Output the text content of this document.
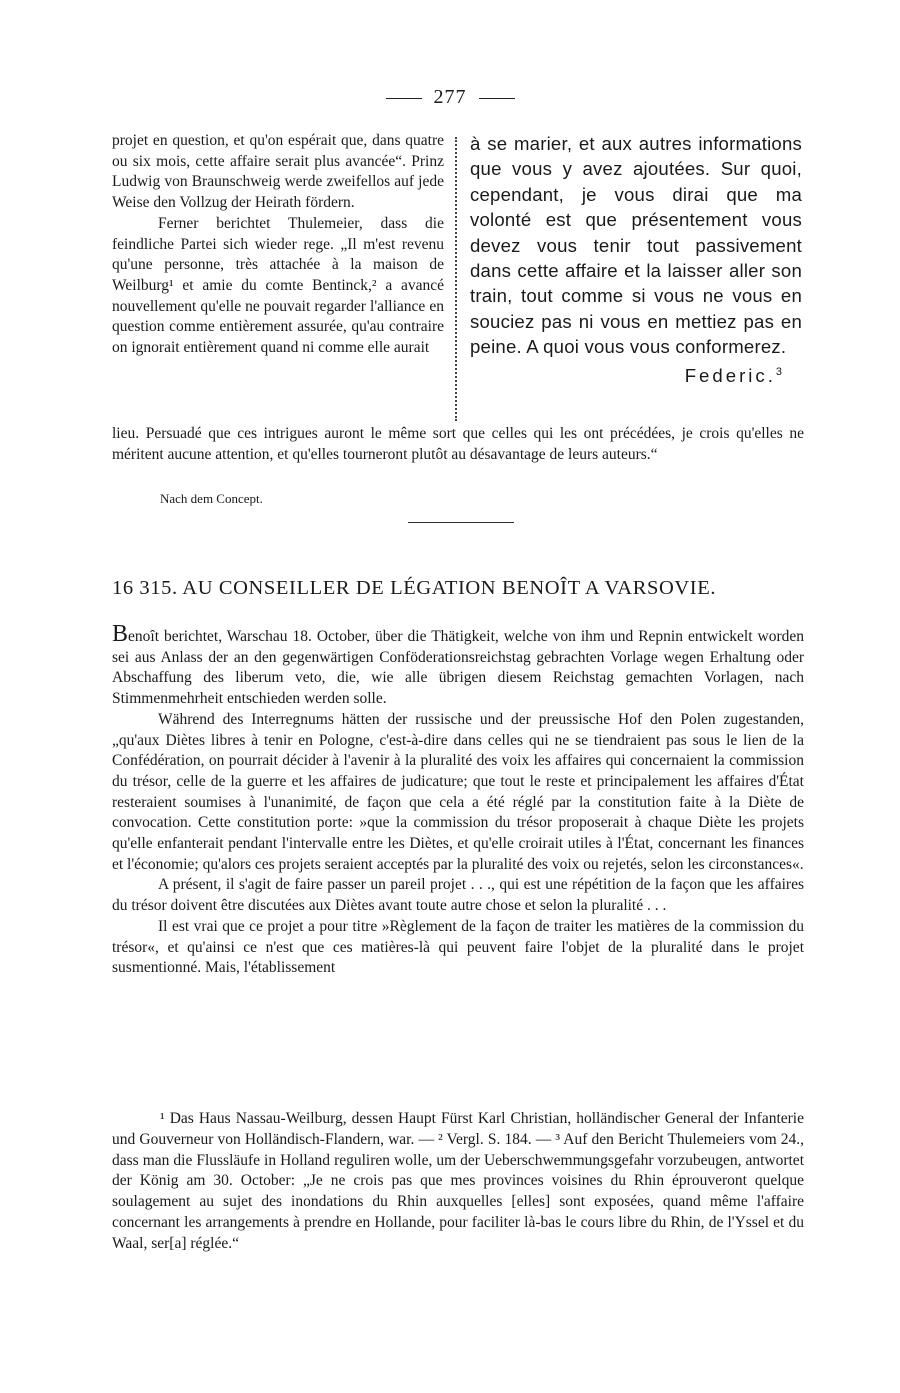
277

projet en question, et qu'on espérait que, dans quatre ou six mois, cette affaire serait plus avancée“. Prinz Ludwig von Braunschweig werde zweifellos auf jede Weise den Vollzug der Heirath fördern.

Ferner berichtet Thulemeier, dass die feindliche Partei sich wieder rege. „Il m'est revenu qu'une personne, très attachée à la maison de Weilburg¹ et amie du comte Bentinck,² a avancé nouvellement qu'elle ne pouvait regarder l'alliance en question comme entièrement assurée, qu'au contraire on ignorait entièrement quand ni comme elle aurait

à se marier, et aux autres informations que vous y avez ajoutées. Sur quoi, cependant, je vous dirai que ma volonté est que présentement vous devez vous tenir tout passivement dans cette affaire et la laisser aller son train, tout comme si vous ne vous en souciez pas ni vous en mettiez pas en peine. A quoi vous vous conformerez.
Federic.$^3$

lieu. Persuadé que ces intrigues auront le même sort que celles qui les ont précédées, je crois qu'elles ne méritent aucune attention, et qu'elles tourneront plutôt au désavantage de leurs auteurs.“

Nach dem Concept.
16 315. AU CONSEILLER DE LÉGATION BENOÎT A VARSOVIE.

Benoît berichtet, Warschau 18. October, über die Thätigkeit, welche von ihm und Repnin entwickelt worden sei aus Anlass der an den gegenwärtigen Conföderationsreichstag gebrachten Vorlage wegen Erhaltung oder Abschaffung des liberum veto, die, wie alle übrigen diesem Reichstag gemachten Vorlagen, nach Stimmenmehrheit entschieden werden solle.

Während des Interregnums hätten der russische und der preussische Hof den Polen zugestanden, „qu'aux Diètes libres à tenir en Pologne, c'est-à-dire dans celles qui ne se tiendraient pas sous le lien de la Confédération, on pourrait décider à l'avenir à la pluralité des voix les affaires qui concernaient la commission du trésor, celle de la guerre et les affaires de judicature; que tout le reste et principalement les affaires d'État resteraient soumises à l'unanimité, de façon que cela a été réglé par la constitution faite à la Diète de convocation. Cette constitution porte: »que la commission du trésor proposerait à chaque Diète les projets qu'elle enfanterait pendant l'intervalle entre les Diètes, et qu'elle croirait utiles à l'État, concernant les finances et l'économie; qu'alors ces projets seraient acceptés par la pluralité des voix ou rejetés, selon les circonstances«.

A présent, il s'agit de faire passer un pareil projet . . ., qui est une répétition de la façon que les affaires du trésor doivent être discutées aux Diètes avant toute autre chose et selon la pluralité . . .

Il est vrai que ce projet a pour titre »Règlement de la façon de traiter les matières de la commission du trésor«, et qu'ainsi ce n'est que ces matières-là qui peuvent faire l'objet de la pluralité dans le projet susmentionné. Mais, l'établissement

¹ Das Haus Nassau-Weilburg, dessen Haupt Fürst Karl Christian, holländischer General der Infanterie und Gouverneur von Holländisch-Flandern, war. — ² Vergl. S. 184. — ³ Auf den Bericht Thulemeiers vom 24., dass man die Flussläufe in Holland reguliren wolle, um der Ueberschwemmungsgefahr vorzubeugen, antwortet der König am 30. October: „Je ne crois pas que mes provinces voisines du Rhin éprouveront quelque soulagement au sujet des inondations du Rhin auxquelles [elles] sont exposées, quand même l'affaire concernant les arrangements à prendre en Hollande, pour faciliter là-bas le cours libre du Rhin, de l'Yssel et du Waal, ser[a] réglée.“
